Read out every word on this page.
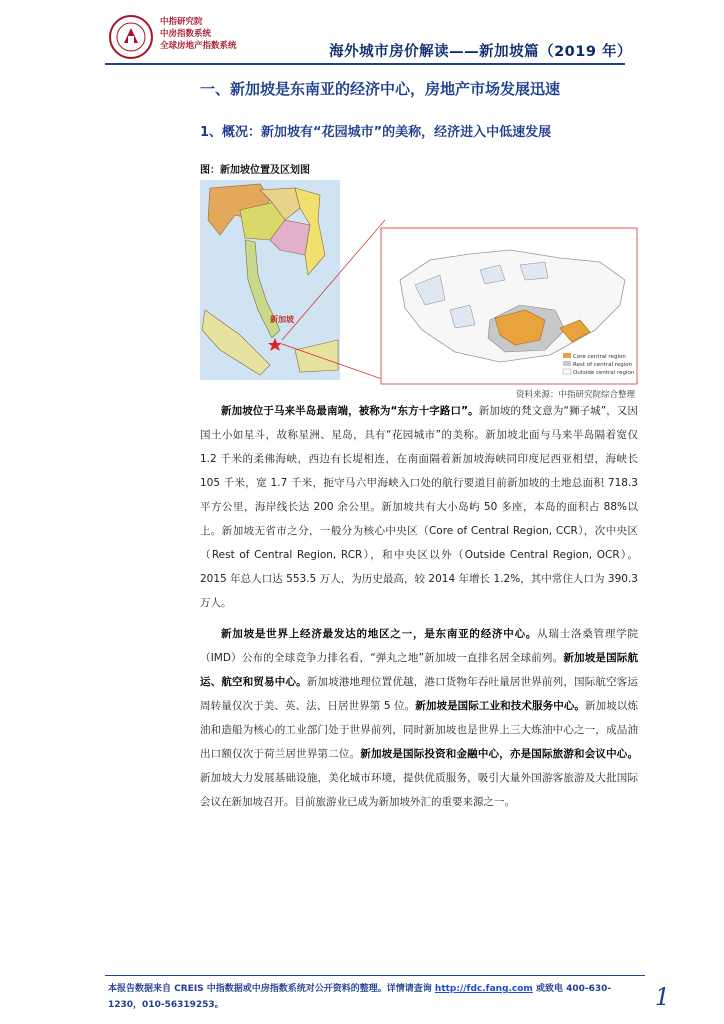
中指研究院
中房指数系统
全球房地产指数系统	海外城市房价解读——新加坡篇（2019 年）
一、新加坡是东南亚的经济中心，房地产市场发展迅速
1、概况：新加坡有“花园城市”的美称，经济进入中低速发展
图：新加坡位置及区划图
新加坡
Core central region
Rest of central region
Outside central region
资料来源：中指研究院综合整理

新加坡位于马来半岛最南端，被称为“东方十字路口”。新加坡的梵文意为“狮子城”，又因国土小如星斗，故称星洲、星岛，具有“花园城市”的美称。新加坡北面与马来半岛隔着宽仅 1.2 千米的柔佛海峡，西边有长堤相连，在南面隔着新加坡海峡同印度尼西亚相望，海峡长 105 千米，宽 1.7 千米，扼守马六甲海峡入口处的航行要道目前新加坡的土地总面积 718.3 平方公里，海岸线长达 200 余公里。新加坡共有大小岛屿 50 多座，本岛的面积占 88%以上。新加坡无省市之分，一般分为核心中央区（Core of Central Region, CCR），次中央区（Rest of Central Region, RCR），和中央区以外（Outside Central Region, OCR）。2015 年总人口达 553.5 万人，为历史最高，较 2014 年增长 1.2%，其中常住人口为 390.3 万人。

新加坡是世界上经济最发达的地区之一，是东南亚的经济中心。从瑞士洛桑管理学院（IMD）公布的全球竞争力排名看，“弹丸之地”新加坡一直排名居全球前列。新加坡是国际航运、航空和贸易中心。新加坡港地理位置优越，港口货物年吞吐量居世界前列，国际航空客运周转量仅次于美、英、法、日居世界第 5 位。新加坡是国际工业和技术服务中心。新加坡以炼油和造船为核心的工业部门处于世界前列，同时新加坡也是世界上三大炼油中心之一，成品油出口额仅次于荷兰居世界第二位。新加坡是国际投资和金融中心，亦是国际旅游和会议中心。新加坡大力发展基础设施，美化城市环境，提供优质服务，吸引大量外国游客旅游及大批国际会议在新加坡召开。目前旅游业已成为新加坡外汇的重要来源之一。

本报告数据来自 CREIS 中指数据或中房指数系统对公开资料的整理。详情请查询 http://fdc.fang.com 或致电 400-630-1230，010-56319253。	1
